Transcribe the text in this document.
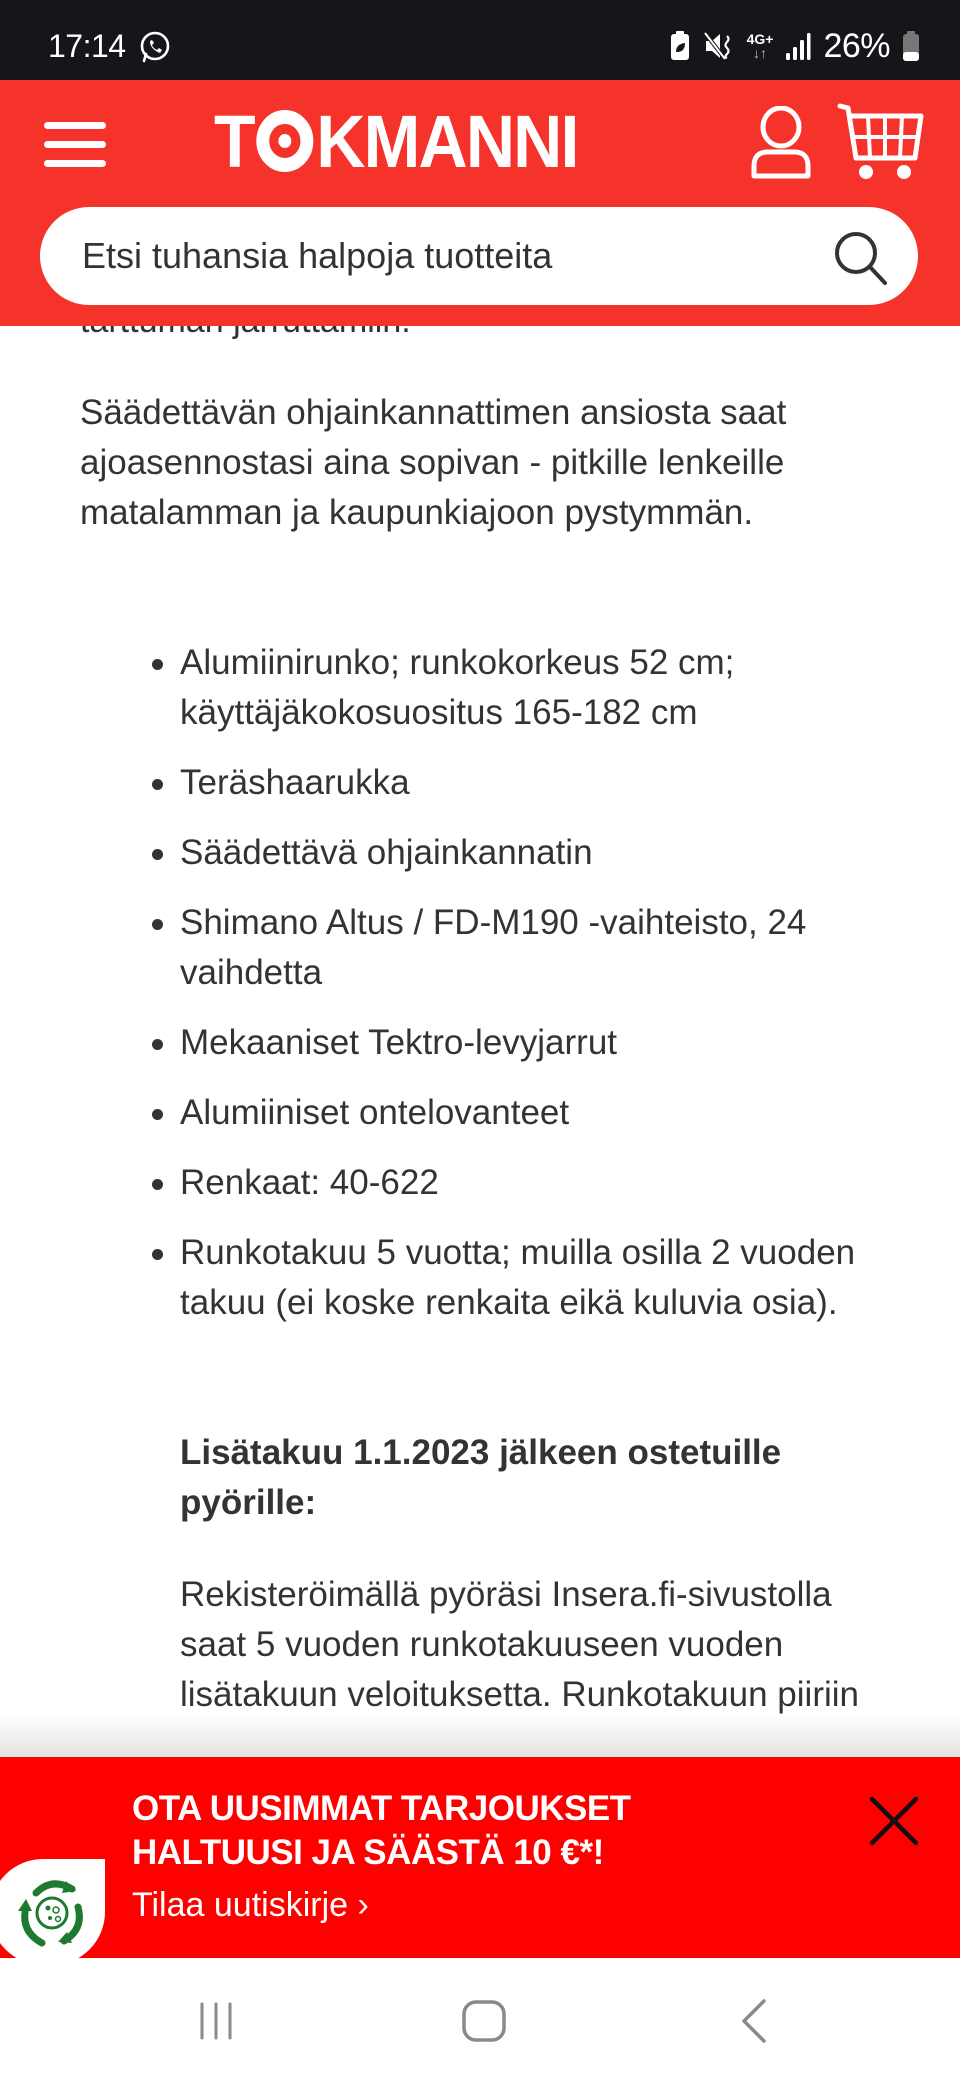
17:14	4G+
↓↑ 26%

Säädettävän ohjainkannattimen ansiosta saat ajoasennostasi aina sopivan - pitkille lenkeille matalamman ja kaupunkiajoon pystymmän.

Alumiinirunko; runkokorkeus 52 cm; käyttäjäkokosuositus 165-182 cm
Teräshaarukka
Säädettävä ohjainkannatin
Shimano Altus / FD-M190 -vaihteisto, 24 vaihdetta
Mekaaniset Tektro-levyjarrut
Alumiiniset ontelovanteet
Renkaat: 40-622
Runkotakuu 5 vuotta; muilla osilla 2 vuoden takuu (ei koske renkaita eikä kuluvia osia).
Lisätakuu 1.1.2023 jälkeen ostetuille pyörille:
Rekisteröimällä pyöräsi Insera.fi-sivustolla saat 5 vuoden runkotakuuseen vuoden lisätakuun veloituksetta. Runkotakuun piiriin
T KMANNI
Etsi tuhansia halpoja tuotteita
OTA UUSIMMAT TARJOUKSET
HALTUUSI JA SÄÄSTÄ 10 €*!
Tilaa uutiskirje ›
